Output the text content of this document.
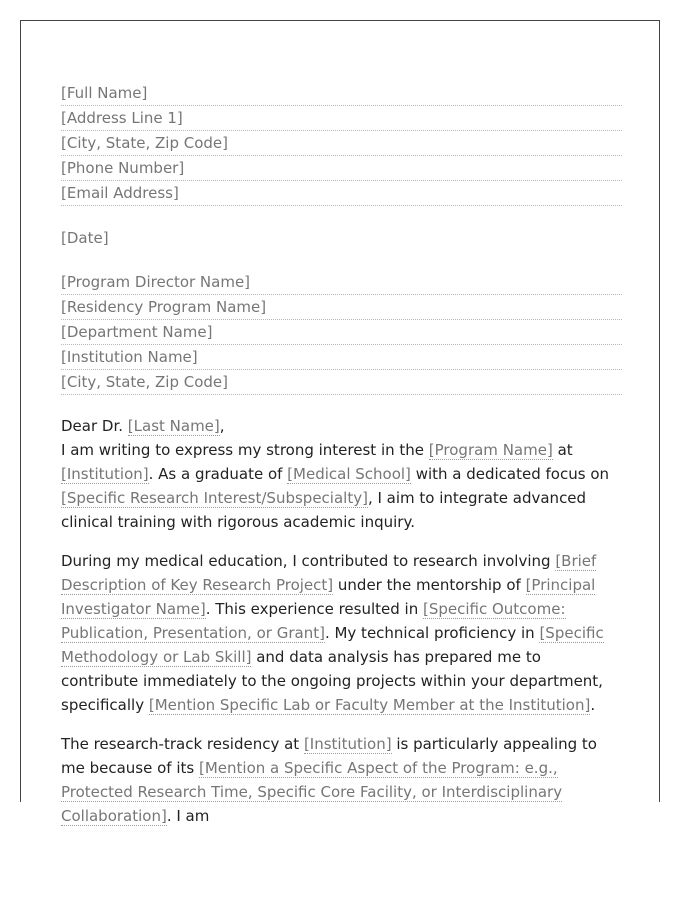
[Full Name]
[Address Line 1]
[City, State, Zip Code]
[Phone Number]
[Email Address]
[Date]
[Program Director Name]
[Residency Program Name]
[Department Name]
[Institution Name]
[City, State, Zip Code]
Dear Dr. [Last Name],

I am writing to express my strong interest in the [Program Name] at [Institution]. As a graduate of [Medical School] with a dedicated focus on [Specific Research Interest/Subspecialty], I aim to integrate advanced clinical training with rigorous academic inquiry.

During my medical education, I contributed to research involving [Brief Description of Key Research Project] under the mentorship of [Principal Investigator Name]. This experience resulted in [Specific Outcome: Publication, Presentation, or Grant]. My technical proficiency in [Specific Methodology or Lab Skill] and data analysis has prepared me to contribute immediately to the ongoing projects within your department, specifically [Mention Specific Lab or Faculty Member at the Institution].

The research-track residency at [Institution] is particularly appealing to me because of its [Mention a Specific Aspect of the Program: e.g., Protected Research Time, Specific Core Facility, or Interdisciplinary Collaboration]. I am
